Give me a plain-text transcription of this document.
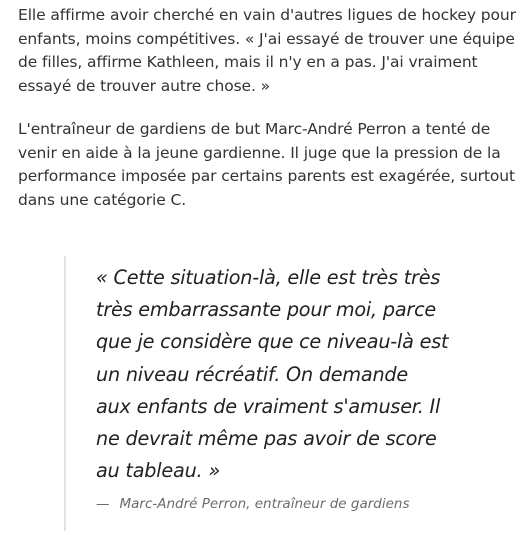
Elle affirme avoir cherché en vain d'autres ligues de hockey pour
enfants, moins compétitives. « J'ai essayé de trouver une équipe
de filles, affirme Kathleen, mais il n'y en a pas. J'ai vraiment
essayé de trouver autre chose. »

L'entraîneur de gardiens de but Marc-André Perron a tenté de
venir en aide à la jeune gardienne. Il juge que la pression de la
performance imposée par certains parents est exagérée, surtout
dans une catégorie C.

« Cette situation-là, elle est très très
très embarrassante pour moi, parce
que je considère que ce niveau-là est
un niveau récréatif. On demande
aux enfants de vraiment s'amuser. Il
ne devrait même pas avoir de score
au tableau. »

— Marc-André Perron, entraîneur de gardiens
